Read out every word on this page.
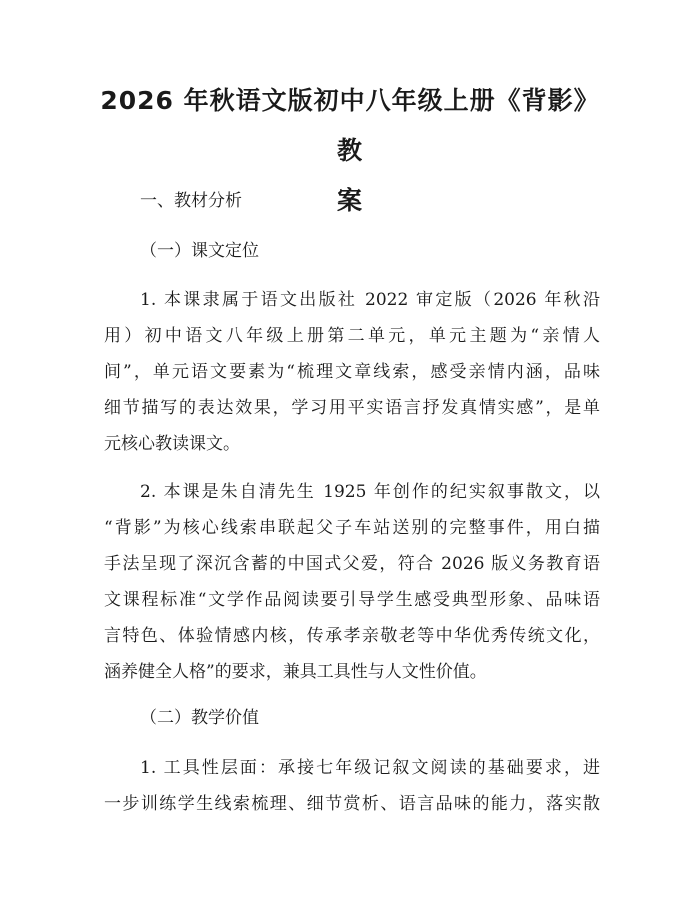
2026 年秋语文版初中八年级上册《背影》教
案
一、教材分析
（一）课文定位
1. 本课隶属于语文出版社 2022 审定版（2026 年秋沿
用）初中语文八年级上册第二单元，单元主题为“亲情人
间”，单元语文要素为“梳理文章线索，感受亲情内涵，品味
细节描写的表达效果，学习用平实语言抒发真情实感”，是单
元核心教读课文。
2. 本课是朱自清先生 1925 年创作的纪实叙事散文，以
“背影”为核心线索串联起父子车站送别的完整事件，用白描
手法呈现了深沉含蓄的中国式父爱，符合 2026 版义务教育语
文课程标准“文学作品阅读要引导学生感受典型形象、品味语
言特色、体验情感内核，传承孝亲敬老等中华优秀传统文化，
涵养健全人格”的要求，兼具工具性与人文性价值。
（二）教学价值
1. 工具性层面：承接七年级记叙文阅读的基础要求，进
一步训练学生线索梳理、细节赏析、语言品味的能力，落实散
